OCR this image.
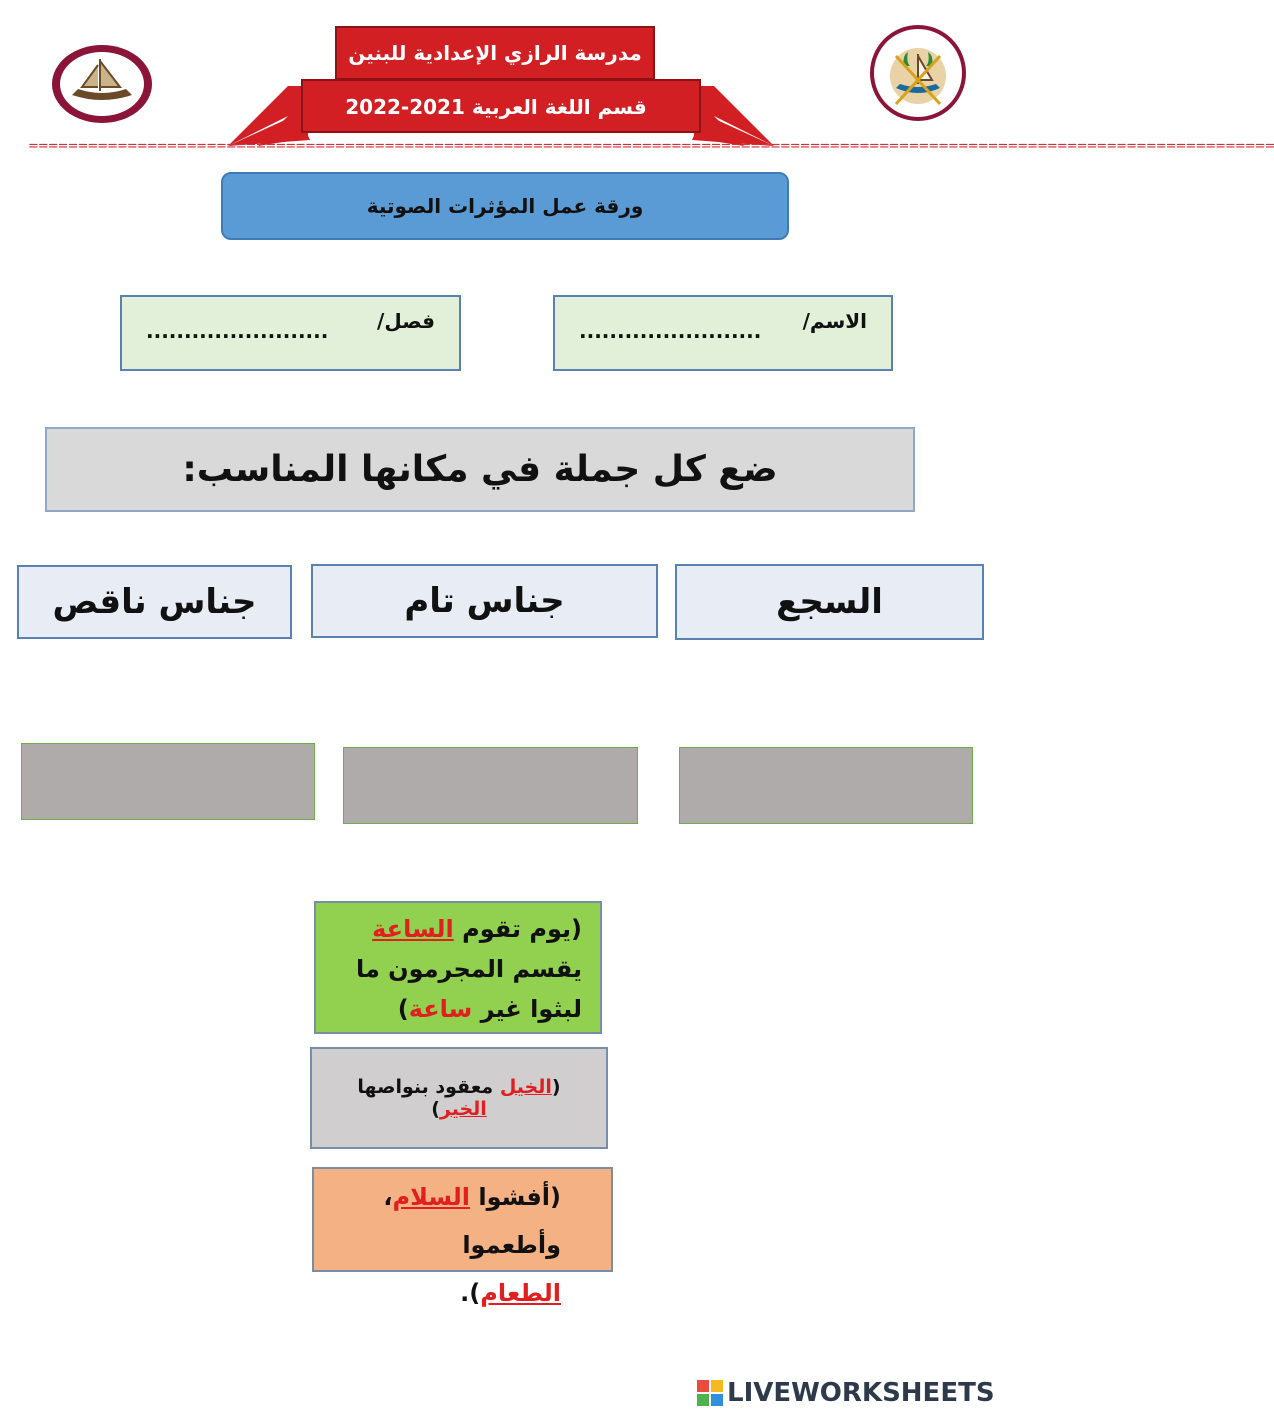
مدرسة الرازي الإعدادية للبنين
قسم اللغة العربية 2021-2022
==============================================================================================================================
ورقة عمل المؤثرات الصوتية
الاسم/
........................
فصل/
........................
ضع كل جملة في مكانها المناسب:
السجع
جناس تام
جناس ناقص
(يوم تقوم الساعة يقسم المجرمون ما لبثوا غير ساعة)
(الخيل معقود بنواصها الخير)
(أفشوا السلام،
وأطعموا الطعام).
LIVEWORKSHEETS
